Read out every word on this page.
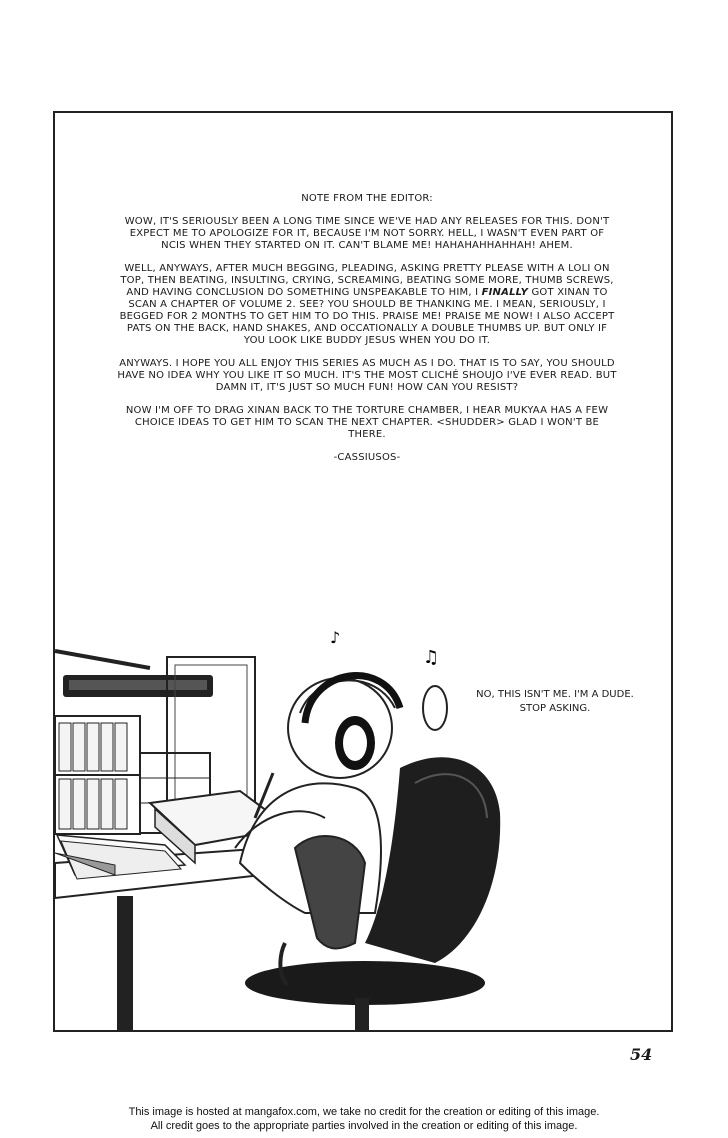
NOTE FROM THE EDITOR:

WOW, IT'S SERIOUSLY BEEN A LONG TIME SINCE WE'VE HAD ANY RELEASES FOR THIS. DON'T EXPECT ME TO APOLOGIZE FOR IT, BECAUSE I'M NOT SORRY. HELL, I WASN'T EVEN PART OF NCIS WHEN THEY STARTED ON IT. CAN'T BLAME ME! HAHAHAHHAHHAH! AHEM.

WELL, ANYWAYS, AFTER MUCH BEGGING, PLEADING, ASKING PRETTY PLEASE WITH A LOLI ON TOP, THEN BEATING, INSULTING, CRYING, SCREAMING, BEATING SOME MORE, THUMB SCREWS, AND HAVING CONCLUSION DO SOMETHING UNSPEAKABLE TO HIM, I FINALLY GOT XINAN TO SCAN A CHAPTER OF VOLUME 2. SEE? YOU SHOULD BE THANKING ME. I MEAN, SERIOUSLY, I BEGGED FOR 2 MONTHS TO GET HIM TO DO THIS. PRAISE ME! PRAISE ME NOW! I ALSO ACCEPT PATS ON THE BACK, HAND SHAKES, AND OCCATIONALLY A DOUBLE THUMBS UP. BUT ONLY IF YOU LOOK LIKE BUDDY JESUS WHEN YOU DO IT.

ANYWAYS. I HOPE YOU ALL ENJOY THIS SERIES AS MUCH AS I DO. THAT IS TO SAY, YOU SHOULD HAVE NO IDEA WHY YOU LIKE IT SO MUCH. IT'S THE MOST CLICHÉ SHOUJO I'VE EVER READ. BUT DAMN IT, IT'S JUST SO MUCH FUN! HOW CAN YOU RESIST?

NOW I'M OFF TO DRAG XINAN BACK TO THE TORTURE CHAMBER, I HEAR MUKYAA HAS A FEW CHOICE IDEAS TO GET HIM TO SCAN THE NEXT CHAPTER. <SHUDDER> GLAD I WON'T BE THERE.

-CASSIUSOS-

♪
♫
NO, THIS ISN'T ME. I'M A DUDE.
STOP ASKING.
54
This image is hosted at mangafox.com, we take no credit for the creation or editing of this image.
All credit goes to the appropriate parties involved in the creation or editing of this image.
